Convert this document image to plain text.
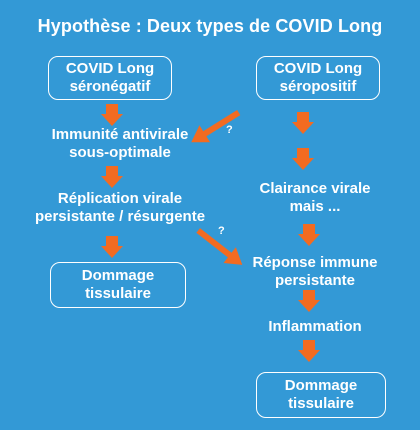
Hypothèse : Deux types de COVID Long
COVID Long
séronégatif
Immunité antivirale
sous-optimale
Réplication virale
persistante / résurgente
Dommage
tissulaire
COVID Long
séropositif
Clairance virale
mais ...
Réponse immune
persistante
Inflammation
Dommage
tissulaire
?
?
